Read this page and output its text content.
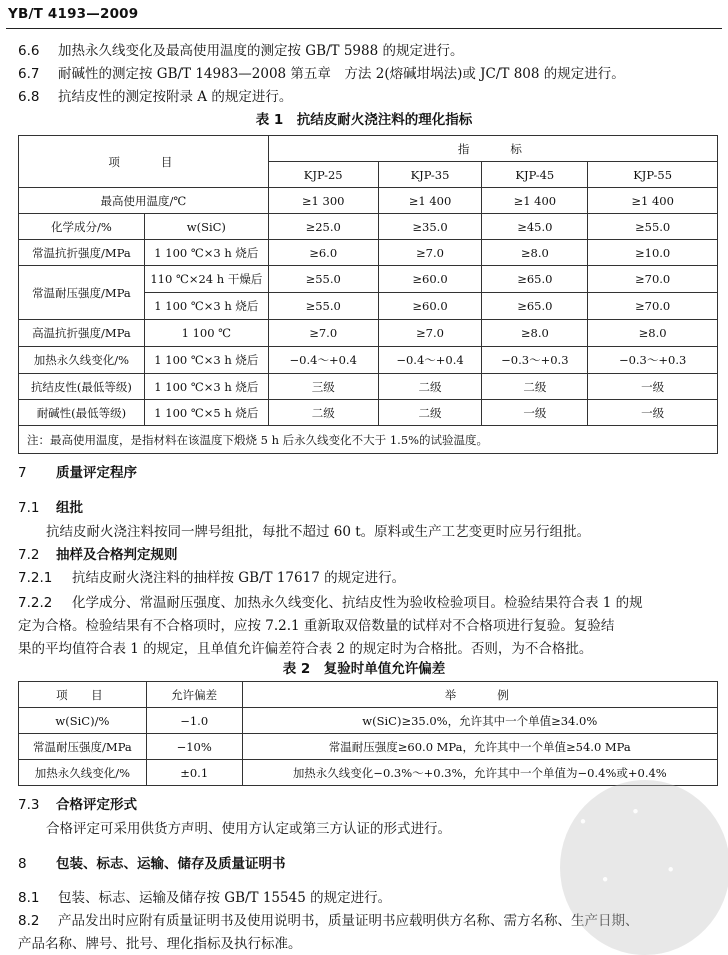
YB/T 4193—2009
6.6 加热永久线变化及最高使用温度的测定按 GB/T 5988 的规定进行。
6.7 耐碱性的测定按 GB/T 14983—2008 第五章　方法 2(熔碱坩埚法)或 JC/T 808 的规定进行。
6.8 抗结皮性的测定按附录 A 的规定进行。
表 1　抗结皮耐火浇注料的理化指标
项　　目		指　　标			
		KJP-25	KJP-35	KJP-45	KJP-55
最高使用温度/℃		≥1 300	≥1 400	≥1 400	≥1 400
化学成分/%	w(SiC)	≥25.0	≥35.0	≥45.0	≥55.0
常温抗折强度/MPa	1 100 ℃×3 h 烧后	≥6.0	≥7.0	≥8.0	≥10.0
常温耐压强度/MPa	110 ℃×24 h 干燥后	≥55.0	≥60.0	≥65.0	≥70.0
	1 100 ℃×3 h 烧后	≥55.0	≥60.0	≥65.0	≥70.0
高温抗折强度/MPa	1 100 ℃	≥7.0	≥7.0	≥8.0	≥8.0
加热永久线变化/%	1 100 ℃×3 h 烧后	−0.4～+0.4	−0.4～+0.4	−0.3～+0.3	−0.3～+0.3
抗结皮性(最低等级)	1 100 ℃×3 h 烧后	三级	二级	二级	一级
耐碱性(最低等级)	1 100 ℃×5 h 烧后	二级	二级	一级	一级
注：最高使用温度，是指材料在该温度下煅烧 5 h 后永久线变化不大于 1.5%的试验温度。					
7 质量评定程序
7.1 组批
抗结皮耐火浇注料按同一牌号组批，每批不超过 60 t。原料或生产工艺变更时应另行组批。
7.2 抽样及合格判定规则
7.2.1 抗结皮耐火浇注料的抽样按 GB/T 17617 的规定进行。
7.2.2 化学成分、常温耐压强度、加热永久线变化、抗结皮性为验收检验项目。检验结果符合表 1 的规
定为合格。检验结果有不合格项时，应按 7.2.1 重新取双倍数量的试样对不合格项进行复验。复验结
果的平均值符合表 1 的规定，且单值允许偏差符合表 2 的规定时为合格批。否则，为不合格批。
表 2　复验时单值允许偏差
项　目	允许偏差	举　　例
w(SiC)/%	−1.0	w(SiC)≥35.0%，允许其中一个单值≥34.0%
常温耐压强度/MPa	−10%	常温耐压强度≥60.0 MPa，允许其中一个单值≥54.0 MPa
加热永久线变化/%	±0.1	加热永久线变化−0.3%～+0.3%，允许其中一个单值为−0.4%或+0.4%
7.3 合格评定形式
合格评定可采用供货方声明、使用方认定或第三方认证的形式进行。
8 包装、标志、运输、储存及质量证明书
8.1 包装、标志、运输及储存按 GB/T 15545 的规定进行。
8.2 产品发出时应附有质量证明书及使用说明书，质量证明书应载明供方名称、需方名称、生产日期、
产品名称、牌号、批号、理化指标及执行标准。
· ·
· ·
